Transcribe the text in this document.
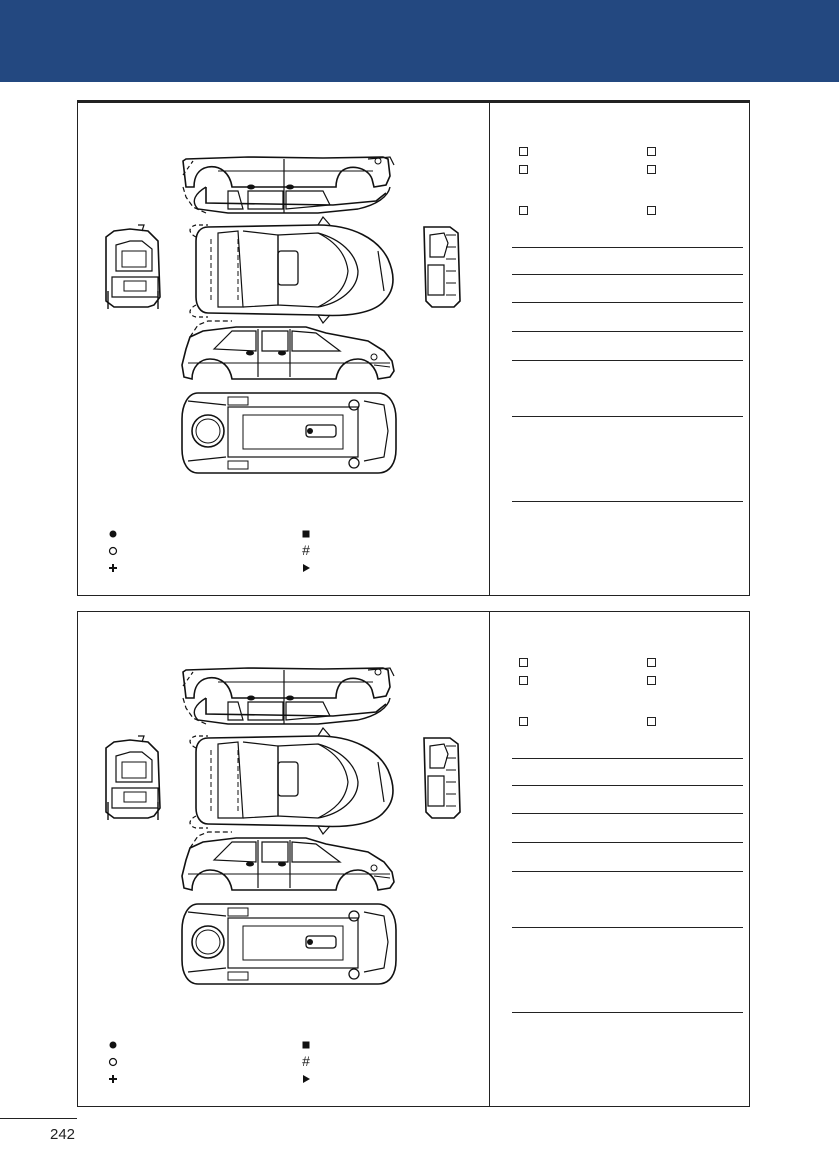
#
#
242
